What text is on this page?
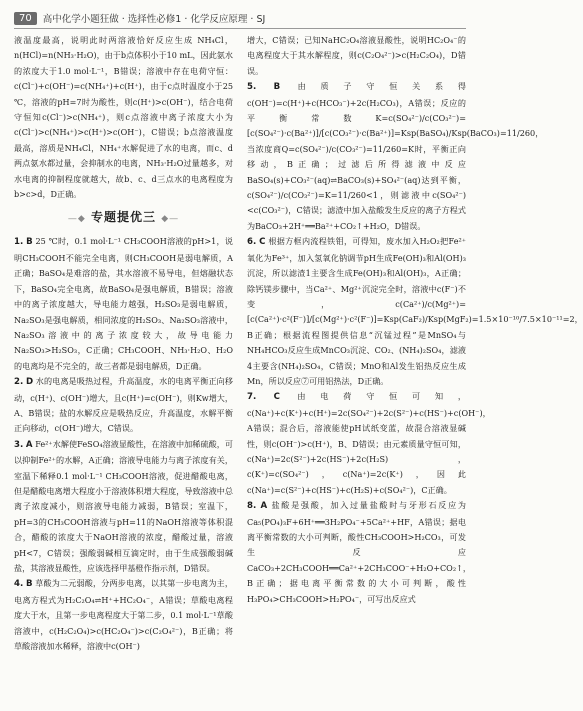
70	高中化学小题狂做 · 选择性必修1 · 化学反应原理 · SJ

液温度最高，说明此时两溶液恰好反应生成 NH₄Cl，n(HCl)=n(NH₃·H₂O)，由于b点体积小于10 mL，因此氨水的浓度大于1.0 mol·L⁻¹，B错误；溶液中存在电荷守恒：c(Cl⁻)+c(OH⁻)=c(NH₄⁺)+c(H⁺)，由于c点时温度小于25 ℃，溶液的pH=7时为酸性，则c(H⁺)>c(OH⁻)，结合电荷守恒知c(Cl⁻)>c(NH₄⁺)，则c点溶液中离子浓度大小为c(Cl⁻)>c(NH₄⁺)>c(H⁺)>c(OH⁻)，C错误；b点溶液温度最高，溶质是NH₄Cl，NH₄⁺水解促进了水的电离，而c、d两点氨水都过量，会抑制水的电离，NH₃·H₂O过量越多，对水电离的抑制程度就越大，故b、c、d三点水的电离程度为b>c>d，D正确。

—◆ 专题提优三 ◆—

1. B 25 ℃时，0.1 mol·L⁻¹ CH₃COOH溶液的pH>1，说明CH₃COOH不能完全电离，则CH₃COOH是弱电解质，A正确；BaSO₄是难溶的盐，其水溶液不易导电，但熔融状态下，BaSO₄完全电离，故BaSO₄是强电解质，B错误；溶液中的离子浓度越大，导电能力越强，H₂SO₃是弱电解质，Na₂SO₃是强电解质，相同浓度的H₂SO₃、Na₂SO₃溶液中，Na₂SO₃溶液中的离子浓度较大，故导电能力Na₂SO₃>H₂SO₃，C正确；CH₃COOH、NH₃·H₂O、H₂O的电离均是不完全的，故三者都是弱电解质，D正确。

2. D 水的电离是吸热过程，升高温度，水的电离平衡正向移动，c(H⁺)、c(OH⁻)增大，且c(H⁺)=c(OH⁻)，则Kw增大，A、B错误；盐的水解反应是吸热反应，升高温度，水解平衡正向移动，c(OH⁻)增大，C错误。

3. A Fe²⁺水解使FeSO₄溶液显酸性，在溶液中加稀硫酸，可以抑制Fe²⁺的水解，A正确；溶液导电能力与离子浓度有关，室温下稀释0.1 mol·L⁻¹ CH₃COOH溶液，促进醋酸电离，但是醋酸电离增大程度小于溶液体积增大程度，导致溶液中总离子浓度减小，则溶液导电能力减弱，B错误；室温下，pH=3的CH₃COOH溶液与pH=11的NaOH溶液等体积混合，醋酸的浓度大于NaOH溶液的浓度，醋酸过量，溶液pH<7，C错误；强酸弱碱相互滴定时，由于生成强酸弱碱盐，其溶液显酸性，应该选择甲基橙作指示剂，D错误。

4. B 草酸为二元弱酸，分两步电离，以其第一步电离为主，电离方程式为H₂C₂O₄⇌H⁺+HC₂O₄⁻，A错误；草酸电离程度大于水，且第一步电离程度大于第二步，0.1 mol·L⁻¹草酸溶液中，c(H₂C₂O₄)>c(HC₂O₄⁻)>c(C₂O₄²⁻)，B正确；将草酸溶液加水稀释，溶液中c(OH⁻)

增大，C错误；已知NaHC₂O₄溶液显酸性，说明HC₂O₄⁻的电离程度大于其水解程度，则c(C₂O₄²⁻)>c(H₂C₂O₄)，D错误。

5. B 由质子守恒关系得c(OH⁻)=c(H⁺)+c(HCO₃⁻)+2c(H₂CO₃)，A错误；反应的平衡常数K=c(SO₄²⁻)/c(CO₃²⁻)=[c(SO₄²⁻)·c(Ba²⁺)]/[c(CO₃²⁻)·c(Ba²⁺)]=Ksp(BaSO₄)/Ksp(BaCO₃)=11/260，当浓度商Q=c(SO₄²⁻)/c(CO₃²⁻)=11/260=K时，平衡正向移动，B正确；过滤后所得滤液中反应BaSO₄(s)+CO₃²⁻(aq)⇌BaCO₃(s)+SO₄²⁻(aq)达到平衡，c(SO₄²⁻)/c(CO₃²⁻)=K=11/260<1，则滤液中c(SO₄²⁻)<c(CO₃²⁻)，C错误；滤渣中加入盐酸发生反应的离子方程式为BaCO₃+2H⁺══Ba²⁺+CO₂↑+H₂O，D错误。

6. C 根据方框内流程铁钼，可得知，废水加入H₂O₂把Fe²⁺氧化为Fe³⁺，加入氢氧化钠调节pH生成Fe(OH)₃和Al(OH)₃沉淀，所以滤渣1主要含生成Fe(OH)₃和Al(OH)₃，A正确；除钙镁步骤中，当Ca²⁺、Mg²⁺沉淀完全时，溶液中c(F⁻)不变，c(Ca²⁺)/c(Mg²⁺)=[c(Ca²⁺)·c²(F⁻)]/[c(Mg²⁺)·c²(F⁻)]=Ksp(CaF₂)/Ksp(MgF₂)=1.5×10⁻¹⁰/7.5×10⁻¹¹=2，B正确；根据流程图提供信息“沉锰过程”是MnSO₄与NH₄HCO₃反应生成MnCO₃沉淀、CO₂、(NH₄)₂SO₄，滤液4主要含(NH₄)₂SO₄，C错误；MnO和Al发生铝热反应生成Mn，所以反应⑦可用铝热法，D正确。

7. C 由电荷守恒可知，c(Na⁺)+c(K⁺)+c(H⁺)=2c(SO₄²⁻)+2c(S²⁻)+c(HS⁻)+c(OH⁻)，A错误；混合后，溶液能使pH试纸变蓝，故混合溶液显碱性，则c(OH⁻)>c(H⁺)，B、D错误；由元素质量守恒可知，c(Na⁺)=2c(S²⁻)+2c(HS⁻)+2c(H₂S)，c(K⁺)=c(SO₄²⁻)，c(Na⁺)=2c(K⁺)，因此c(Na⁺)=c(S²⁻)+c(HS⁻)+c(H₂S)+c(SO₄²⁻)，C正确。

8. A 盐酸是强酸，加入过量盐酸时与牙形石反应为Ca₅(PO₄)₃F+6H⁺══3H₂PO₄⁻+5Ca²⁺+HF，A错误；据电离平衡常数的大小可判断，酸性CH₃COOH>H₂CO₃，可发生反应CaCO₃+2CH₃COOH══Ca²⁺+2CH₃COO⁻+H₂O+CO₂↑，B正确；据电离平衡常数的大小可判断，酸性H₃PO₄>CH₃COOH>H₂PO₄⁻，可写出反应式
